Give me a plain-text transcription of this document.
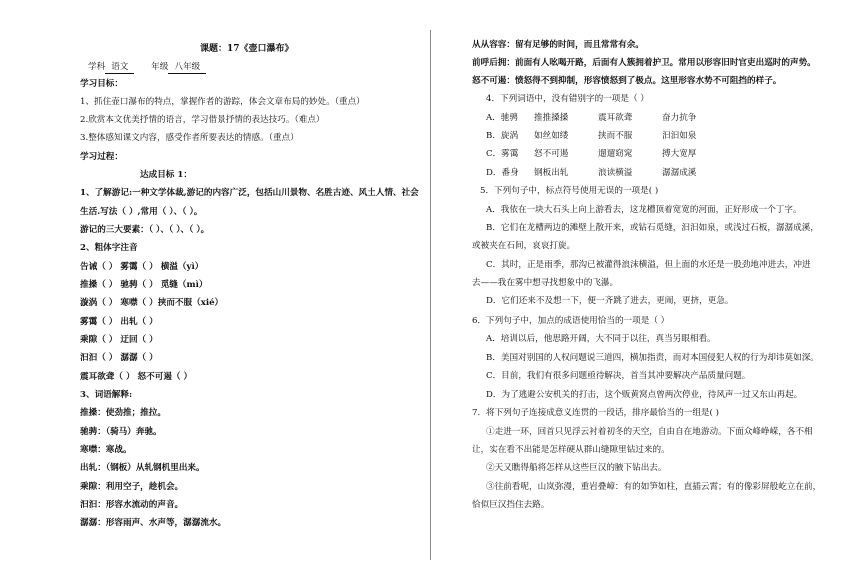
课题：17《壶口瀑布》
学科 语文	年级 八年级
学习目标：
1、抓住壶口瀑布的特点，掌握作者的游踪，体会文章布局的妙处。（重点）
2.欣赏本文优美抒情的语言，学习借景抒情的表达技巧。（难点）
3.整体感知课文内容，感受作者所要表达的情感。（重点）
学习过程：
达成目标 1：
1、了解游记:一种文学体裁,游记的内容广泛，包括山川景物、名胜古迹、风土人情、社会
生活.写法（ ）,常用（ ）、（ ）。
游记的三大要素：（ ）、（ ）、（ ）。
2、粗体字注音
告诫（ ） 雾霭（ ） 横溢（yì）
推搡（ ） 驰骋（ ） 觅缝（mì）
漩涡（ ） 寒噤（ ）挟而不服（xié）
雾霭（ ） 出轧（ ）
乘隙（ ） 迂回（ ）
汩汩（ ） 潺潺（ ）
震耳欲聋（ ） 怒不可遏（ ）
3、词语解释:
推搡：使劲推；推拉。
驰骋：（骑马）奔驰。
寒噤：寒战。
出轧：（钢板）从轧钢机里出来。
乘隙：利用空子，趁机会。
汩汩：形容水流动的声音。
潺潺：形容雨声、水声等，潺潺流水。
从从容容：留有足够的时间，而且常常有余。
前呼后拥：前面有人吆喝开路，后面有人簇拥着护卫。常用以形容旧时官吏出巡时的声势。
怒不可遏：愤怒得不到抑制，形容愤怒到了极点。这里形容水势不可阻挡的样子。
4．下列词语中，没有错别字的一项是（ ）
A．驰骋 推推搡搡	震耳欲聋	奋力抗争
B．旋涡 如丝如缕	挟而不服	汩汩如泉
C．雾霭 怒不可遏	遛遛窈窕	搏大宽厚
D．番身 钢板出轧	浪读横溢	潺潺成溪
5．下列句子中，标点符号使用无误的一项是( )
A．我依在一块大石头上向上游看去，这龙槽顶着宽宽的河面，正好形成一个丁字。
B．它们在龙槽两边的滩壁上散开来，或钻石觅缝，汩汩如泉，或浅过石板，潺潺成溪，
或被夹在石间，哀哀打旋。
C．其时，正是雨季，那沟已被灌得浪沫横溢，但上面的水还是一股劲地冲进去，冲进
去——我在雾中想寻找想象中的飞瀑。
D．它们还来不及想一下，便一齐跳了进去，更闹，更挤，更急。
6．下列句子中，加点的成语使用恰当的一项是（ ）
A．培训以后，他思路开阔，大不同于以往，真当另眼相看。
B．美国对别国的人权问题说三道四，横加指责，而对本国侵犯人权的行为却讳莫如深。
C．目前，我们有很多问题亟待解决，首当其冲要解决产品质量问题。
D．为了逃避公安机关的打击，这个贩黄窝点曾两次停业，待风声一过又东山再起。
7．将下列句子连接成意义连贯的一段话，排序最恰当的一组是( )
①走进一环，回首只见浮云衬着初冬的天空，自由自在地游动。下面众峰峥嵘，各不相
让，实在看不出能是怎样硬从群山缝隙里钻过来的。
②天又瞧得船将怎样从这些巨汉的腋下钻出去。
③往前看呢，山岚弥漫，重岩叠嶂：有的如笋如柱，直插云霄；有的像彩屏般屹立在前，
恰似巨汉挡住去路。
